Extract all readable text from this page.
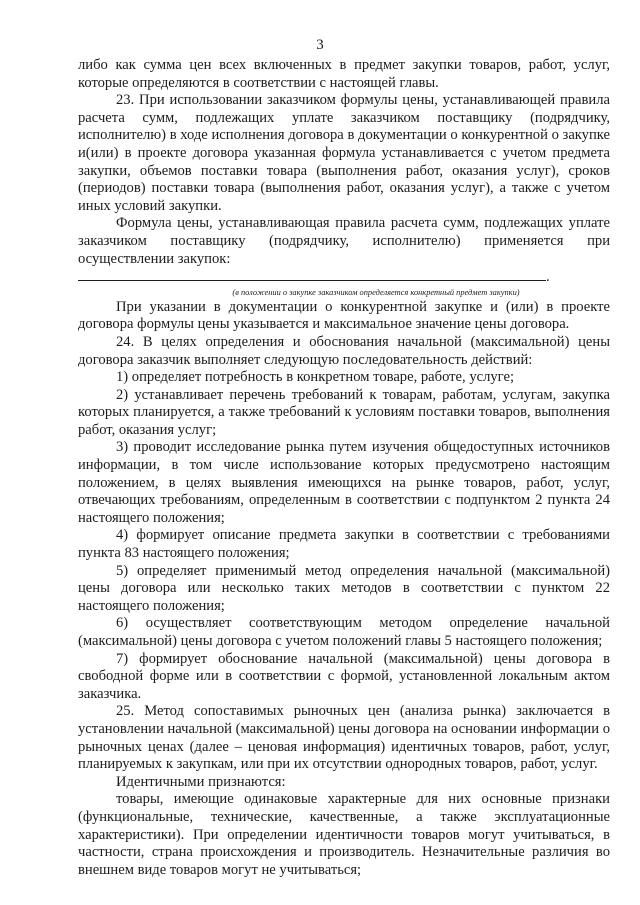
3

либо как сумма цен всех включенных в предмет закупки товаров, работ, услуг, которые определяются в соответствии с настоящей главы.

23. При использовании заказчиком формулы цены, устанавливающей правила расчета сумм, подлежащих уплате заказчиком поставщику (подрядчику, исполнителю) в ходе исполнения договора в документации о конкурентной о закупке и(или) в проекте договора указанная формула устанавливается с учетом предмета закупки, объемов поставки товара (выполнения работ, оказания услуг), сроков (периодов) поставки товара (выполнения работ, оказания услуг), а также с учетом иных условий закупки.

Формула цены, устанавливающая правила расчета сумм, подлежащих уплате заказчиком поставщику (подрядчику, исполнителю) применяется при осуществлении закупок:

.

(в положении о закупке заказчиком определяется конкретный предмет закупки)

При указании в документации о конкурентной закупке и (или) в проекте договора формулы цены указывается и максимальное значение цены договора.

24. В целях определения и обоснования начальной (максимальной) цены договора заказчик выполняет следующую последовательность действий:

1) определяет потребность в конкретном товаре, работе, услуге;

2) устанавливает перечень требований к товарам, работам, услугам, закупка которых планируется, а также требований к условиям поставки товаров, выполнения работ, оказания услуг;

3) проводит исследование рынка путем изучения общедоступных источников информации, в том числе использование которых предусмотрено настоящим положением, в целях выявления имеющихся на рынке товаров, работ, услуг, отвечающих требованиям, определенным в соответствии с подпунктом 2 пункта 24 настоящего положения;

4) формирует описание предмета закупки в соответствии с требованиями пункта 83 настоящего положения;

5) определяет применимый метод определения начальной (максимальной) цены договора или несколько таких методов в соответствии с пунктом 22 настоящего положения;

6) осуществляет соответствующим методом определение начальной (максимальной) цены договора с учетом положений главы 5 настоящего положения;

7) формирует обоснование начальной (максимальной) цены договора в свободной форме или в соответствии с формой, установленной локальным актом заказчика.

25. Метод сопоставимых рыночных цен (анализа рынка) заключается в установлении начальной (максимальной) цены договора на основании информации о рыночных ценах (далее – ценовая информация) идентичных товаров, работ, услуг, планируемых к закупкам, или при их отсутствии однородных товаров, работ, услуг.

Идентичными признаются:

товары, имеющие одинаковые характерные для них основные признаки (функциональные, технические, качественные, а также эксплуатационные характеристики). При определении идентичности товаров могут учитываться, в частности, страна происхождения и производитель. Незначительные различия во внешнем виде товаров могут не учитываться;
